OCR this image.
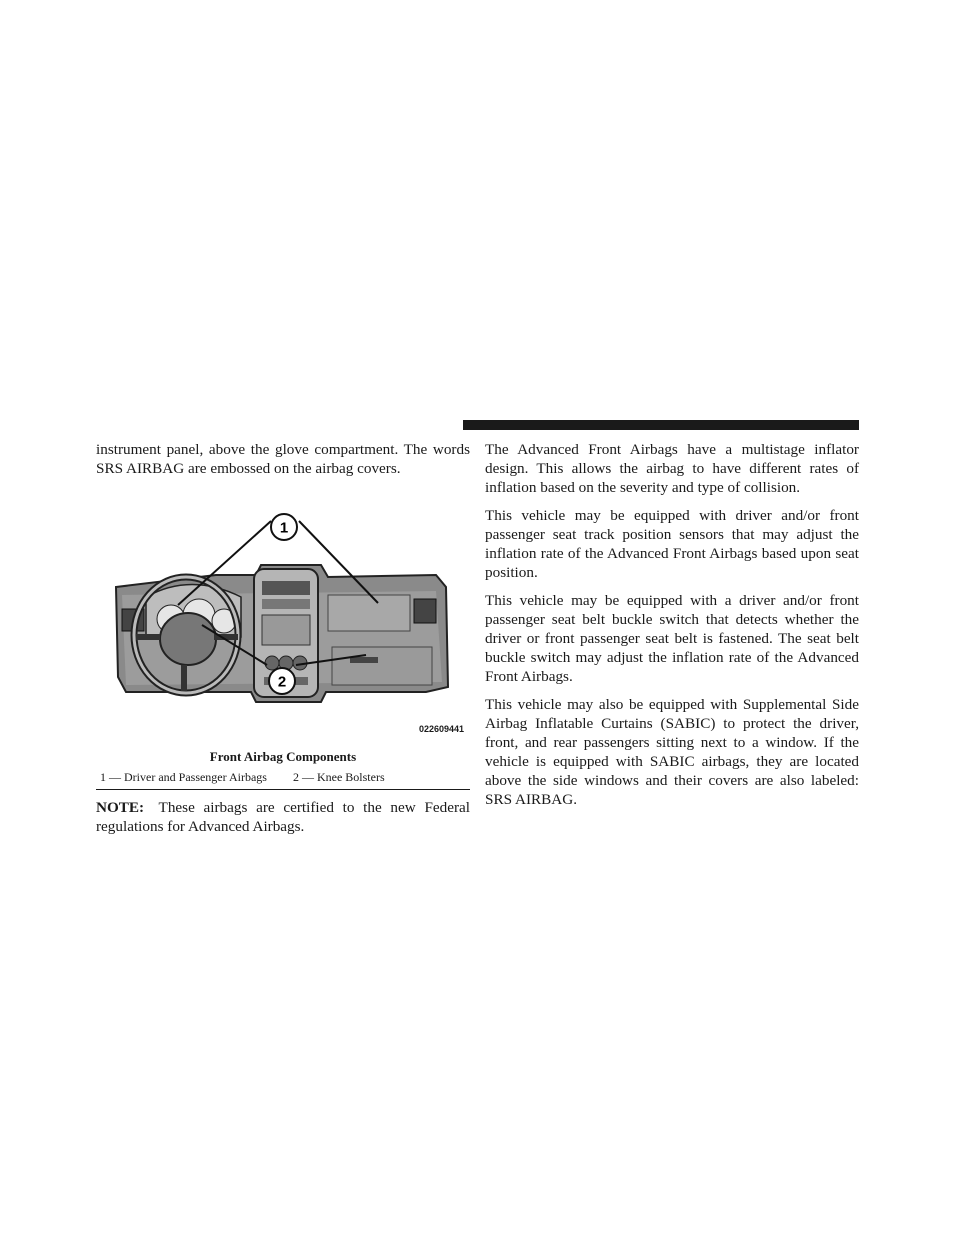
instrument panel, above the glove compartment. The words SRS AIRBAG are embossed on the airbag covers.

1
2
022609441
Front Airbag Components
1 — Driver and Passenger Airbags 2 — Knee Bolsters

NOTE: These airbags are certified to the new Federal regulations for Advanced Airbags.

The Advanced Front Airbags have a multistage inflator design. This allows the airbag to have different rates of inflation based on the severity and type of collision.

This vehicle may be equipped with driver and/or front passenger seat track position sensors that may adjust the inflation rate of the Advanced Front Airbags based upon seat position.

This vehicle may be equipped with a driver and/or front passenger seat belt buckle switch that detects whether the driver or front passenger seat belt is fastened. The seat belt buckle switch may adjust the inflation rate of the Advanced Front Airbags.

This vehicle may also be equipped with Supplemental Side Airbag Inflatable Curtains (SABIC) to protect the driver, front, and rear passengers sitting next to a window. If the vehicle is equipped with SABIC airbags, they are located above the side windows and their covers are also labeled: SRS AIRBAG.
